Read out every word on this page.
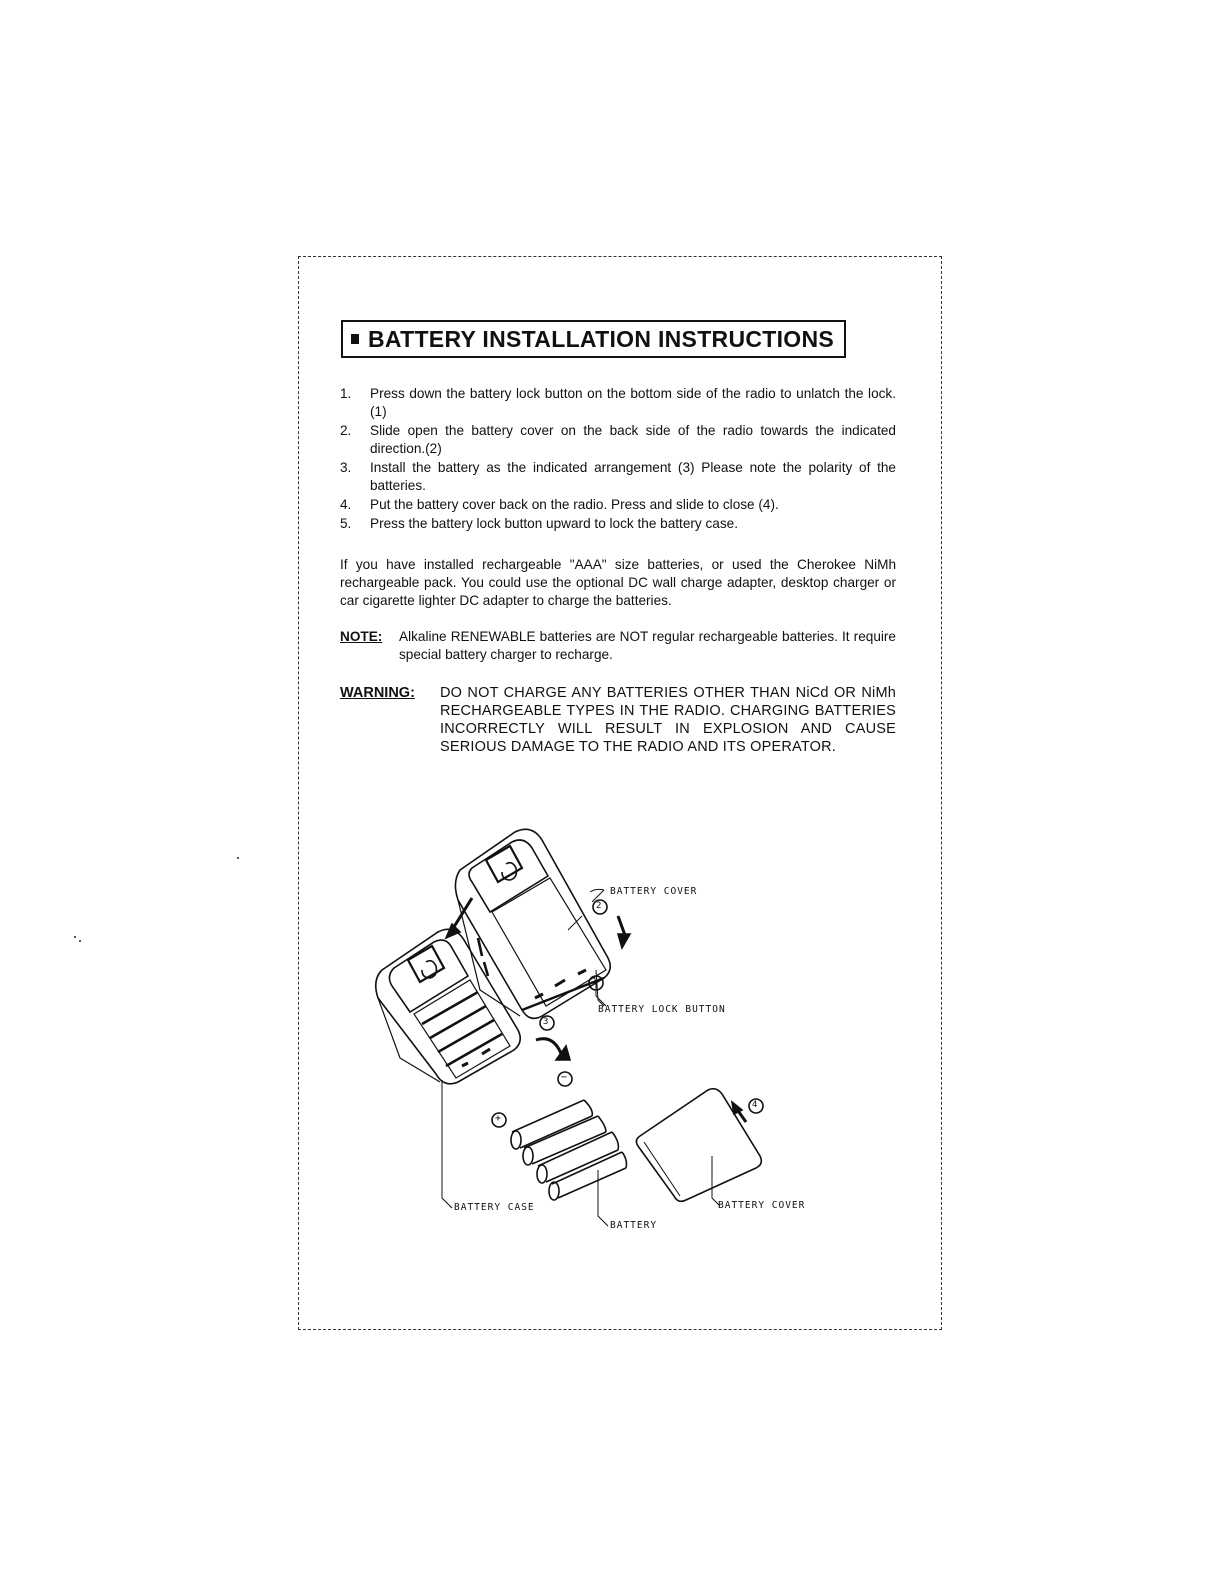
BATTERY INSTALLATION INSTRUCTIONS
1. Press down the battery lock button on the bottom side of the radio to unlatch the lock. (1)
2. Slide open the battery cover on the back side of the radio towards the indicated direction.(2)
3. Install the battery as the indicated arrangement (3) Please note the polarity of the batteries.
4. Put the battery cover back on the radio. Press and slide to close (4).
5. Press the battery lock button upward to lock the battery case.

If you have installed rechargeable "AAA" size batteries, or used the Cherokee NiMh rechargeable pack. You could use the optional DC wall charge adapter, desktop charger or car cigarette lighter DC adapter to charge the batteries.

NOTE: Alkaline RENEWABLE batteries are NOT regular rechargeable batteries. It require special battery charger to recharge.
WARNING: DO NOT CHARGE ANY BATTERIES OTHER THAN NiCd OR NiMh RECHARGEABLE TYPES IN THE RADIO. CHARGING BATTERIES INCORRECTLY WILL RESULT IN EXPLOSION AND CAUSE SERIOUS DAMAGE TO THE RADIO AND ITS OPERATOR.
2
1
3
−
+
4
BATTERY COVER
BATTERY LOCK BUTTON
BATTERY CASE
BATTERY
BATTERY COVER
